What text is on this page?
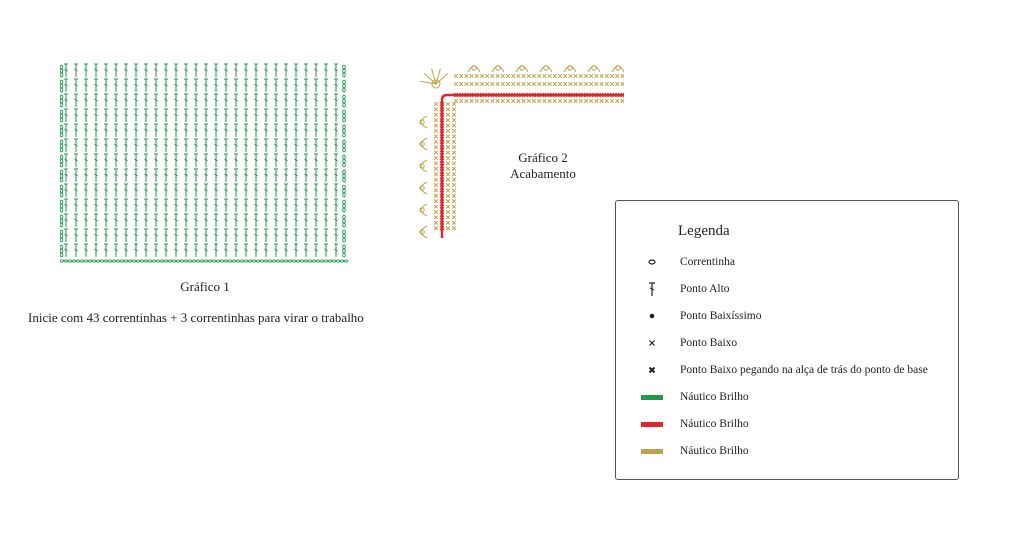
Gráfico 1
Inicie com 43 correntinhas + 3 correntinhas para virar o trabalho
Gráfico 2
Acabamento
Legenda
Correntinha
Ponto Alto
Ponto Baixíssimo
Ponto Baixo
Ponto Baixo pegando na alça de trás do ponto de base
Náutico Brilho
Náutico Brilho
Náutico Brilho
